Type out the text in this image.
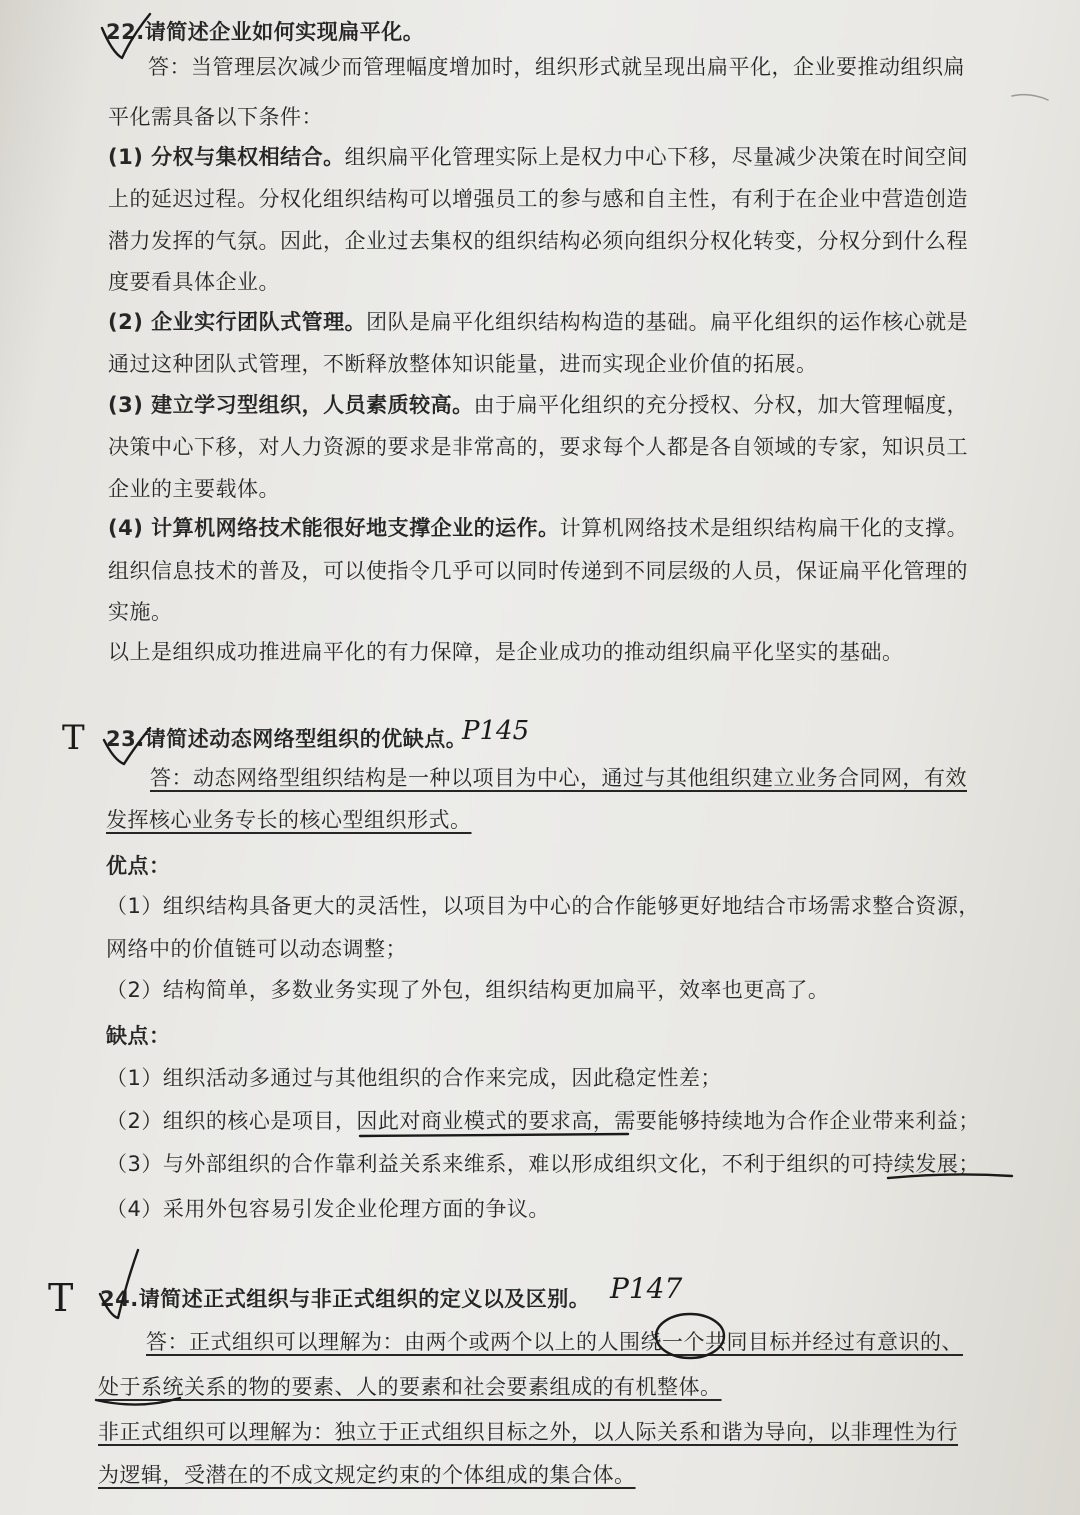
22.请简述企业如何实现扁平化。
答：当管理层次减少而管理幅度增加时，组织形式就呈现出扁平化，企业要推动组织扁
平化需具备以下条件：
(1) 分权与集权相结合。组织扁平化管理实际上是权力中心下移，尽量减少决策在时间空间
上的延迟过程。分权化组织结构可以增强员工的参与感和自主性，有利于在企业中营造创造
潜力发挥的气氛。因此，企业过去集权的组织结构必须向组织分权化转变，分权分到什么程
度要看具体企业。
(2) 企业实行团队式管理。团队是扁平化组织结构构造的基础。扁平化组织的运作核心就是
通过这种团队式管理，不断释放整体知识能量，进而实现企业价值的拓展。
(3) 建立学习型组织，人员素质较高。由于扁平化组织的充分授权、分权，加大管理幅度，
决策中心下移，对人力资源的要求是非常高的，要求每个人都是各自领域的专家，知识员工
企业的主要载体。
(4) 计算机网络技术能很好地支撑企业的运作。计算机网络技术是组织结构扁干化的支撑。
组织信息技术的普及，可以使指令几乎可以同时传递到不同层级的人员，保证扁平化管理的
实施。
以上是组织成功推进扁平化的有力保障，是企业成功的推动组织扁平化坚实的基础。
T 23.请简述动态网络型组织的优缺点。
P145
答：动态网络型组织结构是一种以项目为中心，通过与其他组织建立业务合同网，有效
发挥核心业务专长的核心型组织形式。
优点：
（1）组织结构具备更大的灵活性，以项目为中心的合作能够更好地结合市场需求整合资源，
网络中的价值链可以动态调整；
（2）结构简单，多数业务实现了外包，组织结构更加扁平，效率也更高了。
缺点：
（1）组织活动多通过与其他组织的合作来完成，因此稳定性差；
（2）组织的核心是项目，因此对商业模式的要求高，需要能够持续地为合作企业带来利益；
（3）与外部组织的合作靠利益关系来维系，难以形成组织文化，不利于组织的可持续发展；
（4）采用外包容易引发企业伦理方面的争议。
T 24.请简述正式组织与非正式组织的定义以及区别。 P147
答：正式组织可以理解为：由两个或两个以上的人围绕一个共同目标并经过有意识的、
处于系统关系的物的要素、人的要素和社会要素组成的有机整体。
非正式组织可以理解为：独立于正式组织目标之外，以人际关系和谐为导向，以非理性为行
为逻辑，受潜在的不成文规定约束的个体组成的集合体。
